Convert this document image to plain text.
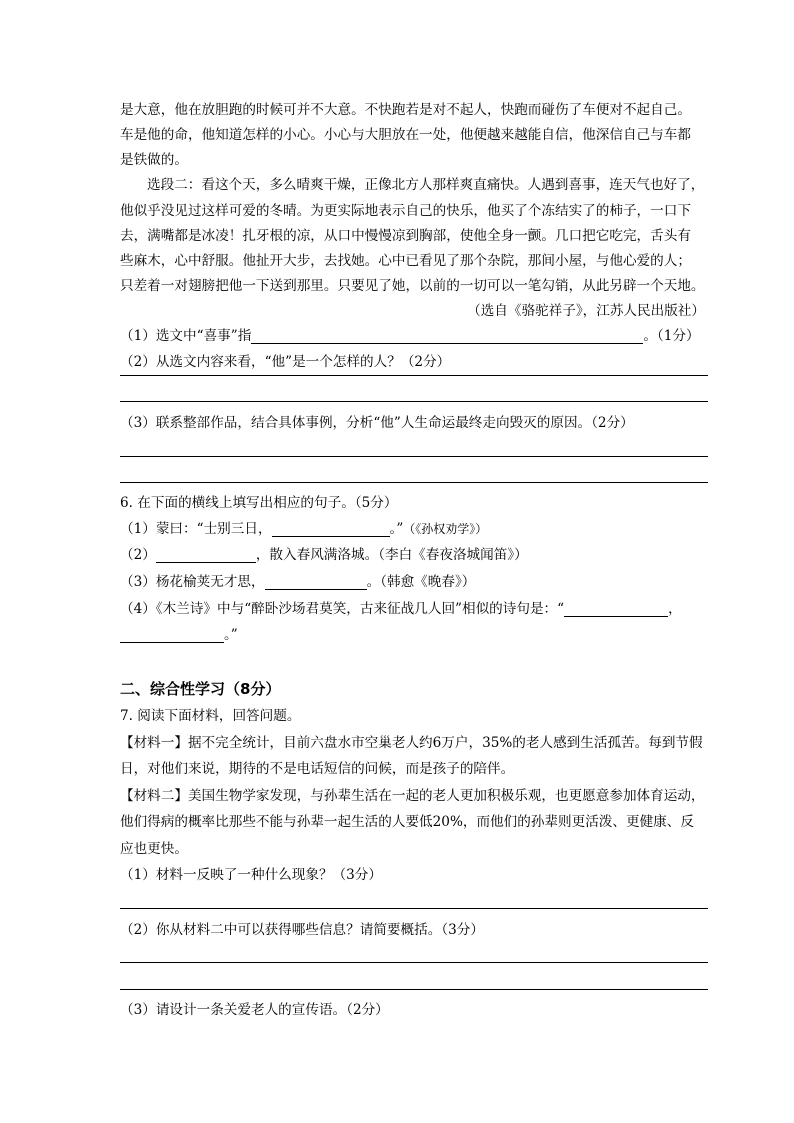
是大意，他在放胆跑的时候可并不大意。不快跑若是对不起人，快跑而碰伤了车便对不起自己。
车是他的命，他知道怎样的小心。小心与大胆放在一处，他便越来越能自信，他深信自己与车都
是铁做的。
选段二：看这个天，多么晴爽干燥，正像北方人那样爽直痛快。人遇到喜事，连天气也好了，
他似乎没见过这样可爱的冬晴。为更实际地表示自己的快乐，他买了个冻结实了的柿子，一口下
去，满嘴都是冰凌！扎牙根的凉，从口中慢慢凉到胸部，使他全身一颤。几口把它吃完，舌头有
些麻木，心中舒服。他扯开大步，去找她。心中已看见了那个杂院，那间小屋，与他心爱的人；
只差着一对翅膀把他一下送到那里。只要见了她，以前的一切可以一笔勾销，从此另辟一个天地。
（选自《骆驼祥子》，江苏人民出版社）
（1）选文中“喜事”指	。（1分）
（2）从选文内容来看，“他”是一个怎样的人？（2分）
（3）联系整部作品，结合具体事例，分析“他”人生命运最终走向毁灭的原因。（2分）
6. 在下面的横线上填写出相应的句子。（5分）
（1）蒙曰：“士别三日，	。”（《孙权劝学》）
（2）	，散入春风满洛城。（李白《春夜洛城闻笛》）
（3）杨花榆荚无才思，	。（韩愈《晚春》）
（4）《木兰诗》中与“醉卧沙场君莫笑，古来征战几人回”相似的诗句是：“	，
。”
二、综合性学习（8分）
7. 阅读下面材料，回答问题。
【材料一】据不完全统计，目前六盘水市空巢老人约6万户，35%的老人感到生活孤苦。每到节假
日，对他们来说，期待的不是电话短信的问候，而是孩子的陪伴。
【材料二】美国生物学家发现，与孙辈生活在一起的老人更加积极乐观，也更愿意参加体育运动，
他们得病的概率比那些不能与孙辈一起生活的人要低20%，而他们的孙辈则更活泼、更健康、反
应也更快。
（1）材料一反映了一种什么现象？（3分）
（2）你从材料二中可以获得哪些信息？请简要概括。（3分）
（3）请设计一条关爱老人的宣传语。（2分）
